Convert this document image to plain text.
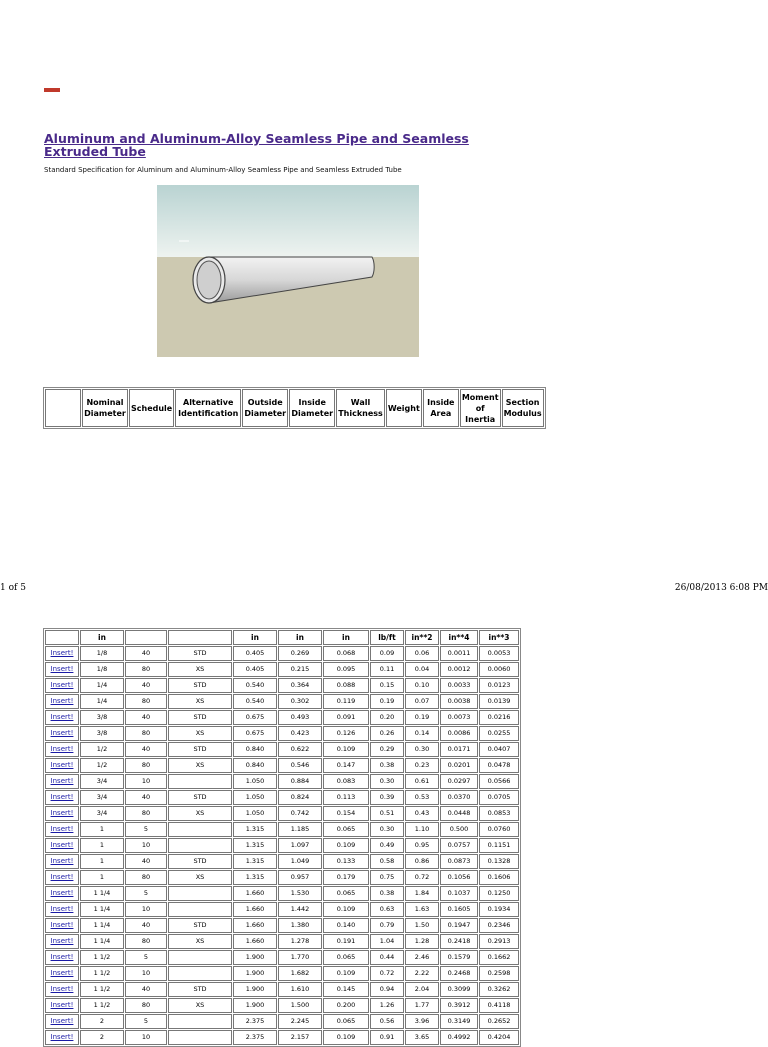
Aluminum and Aluminum-Alloy Seamless Pipe and Seamless Extruded Tube
Standard Specification for Aluminum and Aluminum-Alloy Seamless Pipe and Seamless Extruded Tube
	Nominal Diameter	Schedule	Alternative Identification	Outside Diameter	Inside Diameter	Wall Thickness	Weight	Inside Area	Moment of Inertia	Section Modulus
1 of 5	26/08/2013 6:08 PM
	in			in	in	in	lb/ft	in**2	in**4	in**3
Insert!	1/8	40	STD	0.405	0.269	0.068	0.09	0.06	0.0011	0.0053
Insert!	1/8	80	XS	0.405	0.215	0.095	0.11	0.04	0.0012	0.0060
Insert!	1/4	40	STD	0.540	0.364	0.088	0.15	0.10	0.0033	0.0123
Insert!	1/4	80	XS	0.540	0.302	0.119	0.19	0.07	0.0038	0.0139
Insert!	3/8	40	STD	0.675	0.493	0.091	0.20	0.19	0.0073	0.0216
Insert!	3/8	80	XS	0.675	0.423	0.126	0.26	0.14	0.0086	0.0255
Insert!	1/2	40	STD	0.840	0.622	0.109	0.29	0.30	0.0171	0.0407
Insert!	1/2	80	XS	0.840	0.546	0.147	0.38	0.23	0.0201	0.0478
Insert!	3/4	10		1.050	0.884	0.083	0.30	0.61	0.0297	0.0566
Insert!	3/4	40	STD	1.050	0.824	0.113	0.39	0.53	0.0370	0.0705
Insert!	3/4	80	XS	1.050	0.742	0.154	0.51	0.43	0.0448	0.0853
Insert!	1	5		1.315	1.185	0.065	0.30	1.10	0.500	0.0760
Insert!	1	10		1.315	1.097	0.109	0.49	0.95	0.0757	0.1151
Insert!	1	40	STD	1.315	1.049	0.133	0.58	0.86	0.0873	0.1328
Insert!	1	80	XS	1.315	0.957	0.179	0.75	0.72	0.1056	0.1606
Insert!	1 1/4	5		1.660	1.530	0.065	0.38	1.84	0.1037	0.1250
Insert!	1 1/4	10		1.660	1.442	0.109	0.63	1.63	0.1605	0.1934
Insert!	1 1/4	40	STD	1.660	1.380	0.140	0.79	1.50	0.1947	0.2346
Insert!	1 1/4	80	XS	1.660	1.278	0.191	1.04	1.28	0.2418	0.2913
Insert!	1 1/2	5		1.900	1.770	0.065	0.44	2.46	0.1579	0.1662
Insert!	1 1/2	10		1.900	1.682	0.109	0.72	2.22	0.2468	0.2598
Insert!	1 1/2	40	STD	1.900	1.610	0.145	0.94	2.04	0.3099	0.3262
Insert!	1 1/2	80	XS	1.900	1.500	0.200	1.26	1.77	0.3912	0.4118
Insert!	2	5		2.375	2.245	0.065	0.56	3.96	0.3149	0.2652
Insert!	2	10		2.375	2.157	0.109	0.91	3.65	0.4992	0.4204
